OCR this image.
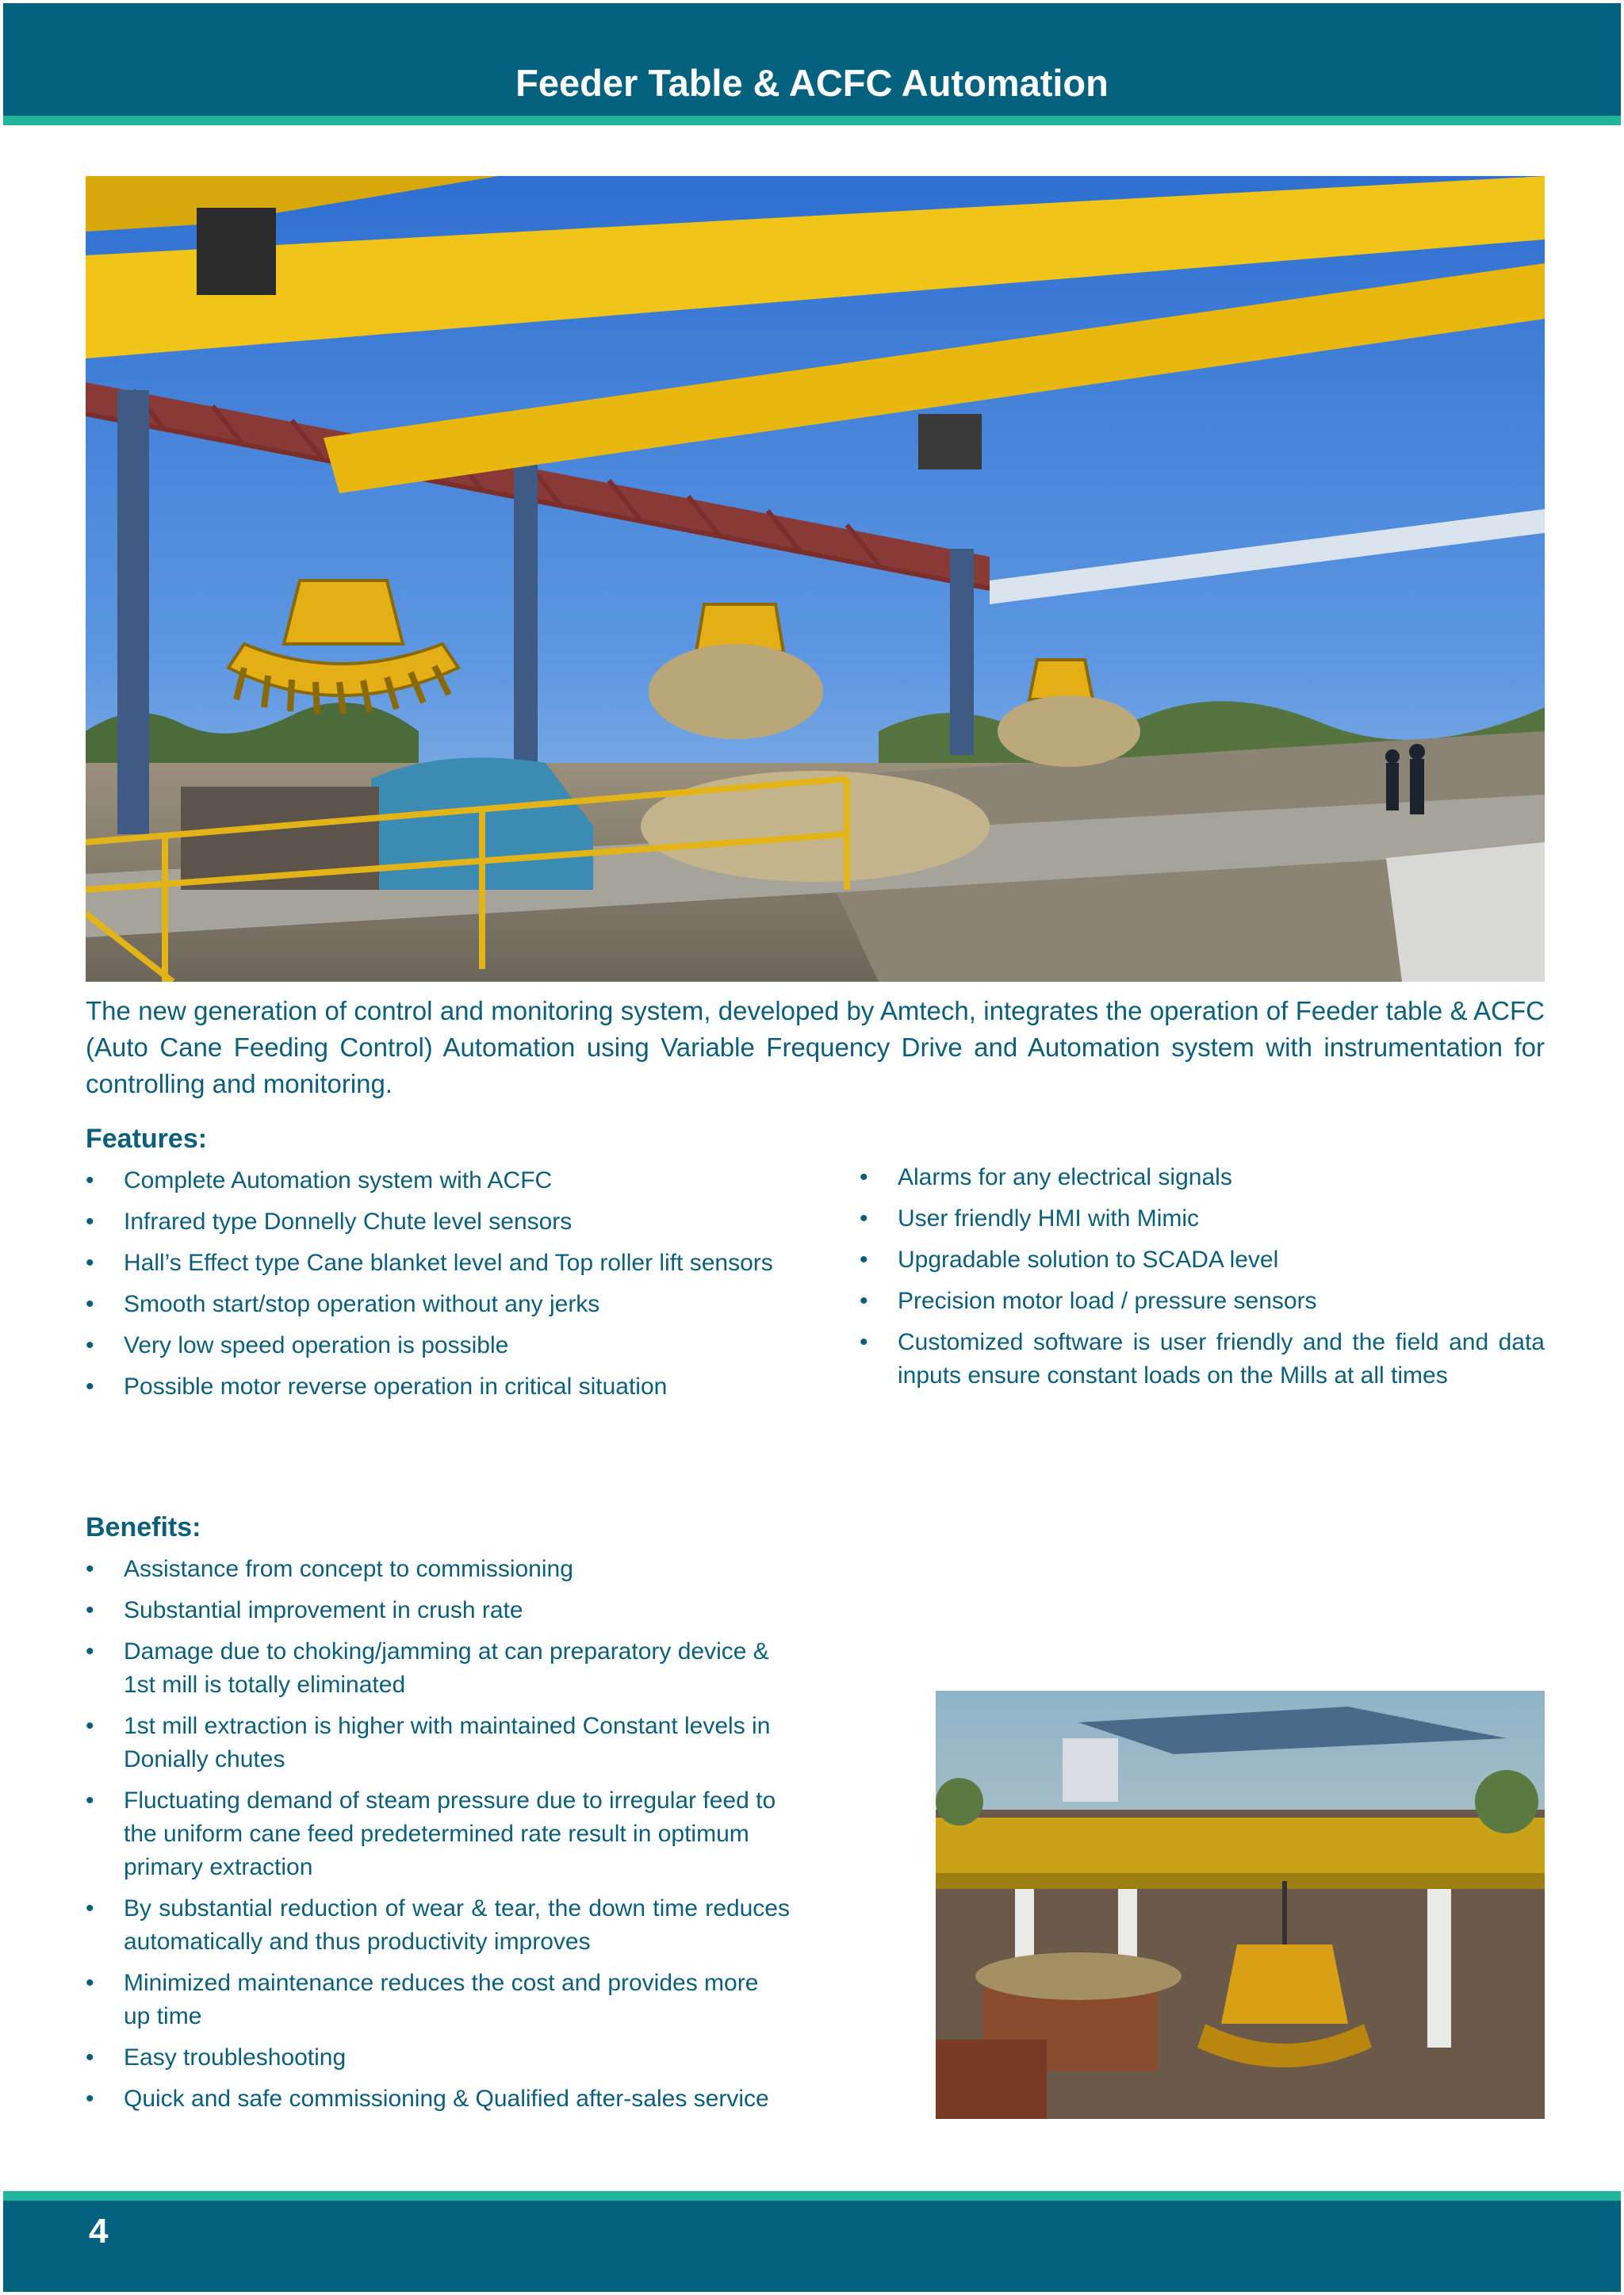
Feeder Table & ACFC Automation
The new generation of control and monitoring system, developed by Amtech, integrates the operation of Feeder table & ACFC (Auto Cane Feeding Control) Automation using Variable Frequency Drive and Automation system with instrumentation for controlling and monitoring.
Features:
• Complete Automation system with ACFC
• Infrared type Donnelly Chute level sensors
• Hall’s Effect type Cane blanket level and Top roller lift sensors
• Smooth start/stop operation without any jerks
• Very low speed operation is possible
• Possible motor reverse operation in critical situation
• Alarms for any electrical signals
• User friendly HMI with Mimic
• Upgradable solution to SCADA level
• Precision motor load / pressure sensors
• Customized software is user friendly and the field and data inputs ensure constant loads on the Mills at all times
Benefits:
• Assistance from concept to commissioning
• Substantial improvement in crush rate
• Damage due to choking/jamming at can preparatory device & 1st mill is totally eliminated
• 1st mill extraction is higher with maintained Constant levels in Donially chutes
• Fluctuating demand of steam pressure due to irregular feed to the uniform cane feed predetermined rate result in optimum primary extraction
• By substantial reduction of wear & tear, the down time reduces automatically and thus productivity improves
• Minimized maintenance reduces the cost and provides more up time
• Easy troubleshooting
• Quick and safe commissioning & Qualified after-sales service
4
